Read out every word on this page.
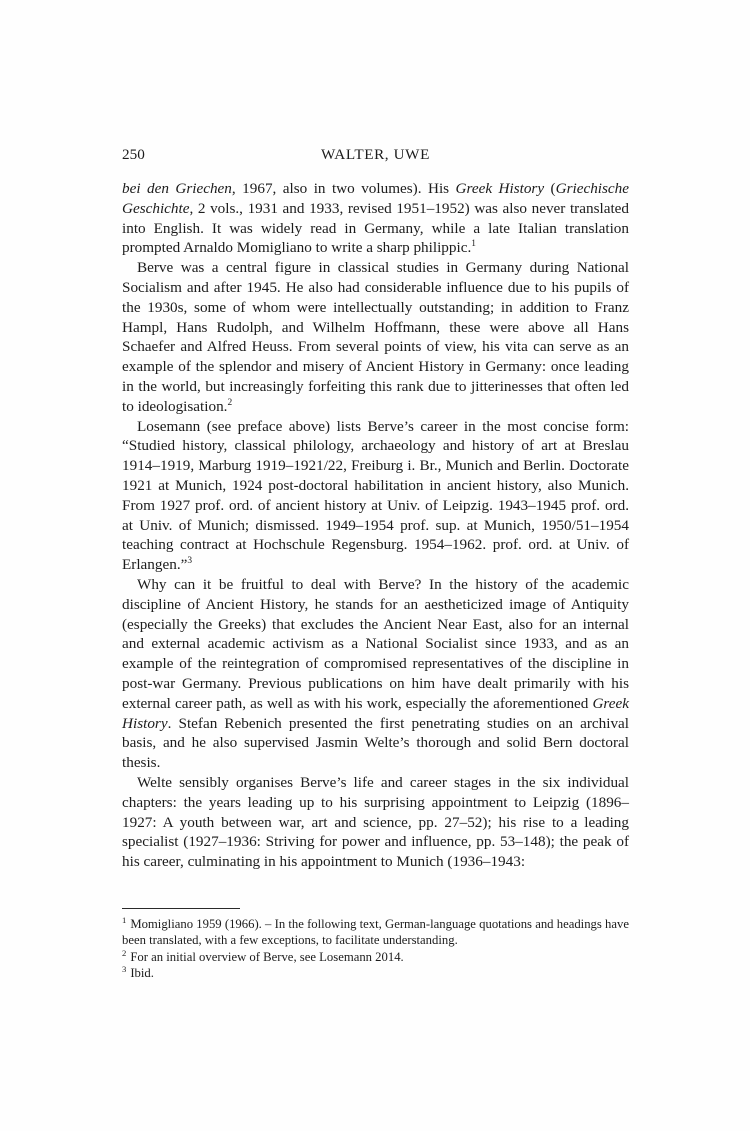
250	WALTER, UWE

bei den Griechen, 1967, also in two volumes). His Greek History (Griechische Geschichte, 2 vols., 1931 and 1933, revised 1951–1952) was also never translated into English. It was widely read in Germany, while a late Italian translation prompted Arnaldo Momigliano to write a sharp philippic.$^1$

Berve was a central figure in classical studies in Germany during National Socialism and after 1945. He also had considerable influence due to his pupils of the 1930s, some of whom were intellectually outstanding; in addition to Franz Hampl, Hans Rudolph, and Wilhelm Hoffmann, these were above all Hans Schaefer and Alfred Heuss. From several points of view, his vita can serve as an example of the splendor and misery of Ancient History in Germany: once leading in the world, but increasingly forfeiting this rank due to jitterinesses that often led to ideologisation.$^2$

Losemann (see preface above) lists Berve’s career in the most concise form: “Studied history, classical philology, archaeology and history of art at Breslau 1914–1919, Marburg 1919–1921/22, Freiburg i. Br., Munich and Berlin. Doctorate 1921 at Munich, 1924 post-doctoral habilitation in ancient history, also Munich. From 1927 prof. ord. of ancient history at Univ. of Leipzig. 1943–1945 prof. ord. at Univ. of Munich; dismissed. 1949–1954 prof. sup. at Munich, 1950/51–1954 teaching contract at Hochschule Regensburg. 1954–1962. prof. ord. at Univ. of Erlangen.”$^3$

Why can it be fruitful to deal with Berve? In the history of the academic discipline of Ancient History, he stands for an aestheticized image of Antiquity (especially the Greeks) that excludes the Ancient Near East, also for an internal and external academic activism as a National Socialist since 1933, and as an example of the reintegration of compromised representatives of the discipline in post-war Germany. Previous publications on him have dealt primarily with his external career path, as well as with his work, especially the aforementioned Greek History. Stefan Rebenich presented the first penetrating studies on an archival basis, and he also supervised Jasmin Welte’s thorough and solid Bern doctoral thesis.

Welte sensibly organises Berve’s life and career stages in the six individual chapters: the years leading up to his surprising appointment to Leipzig (1896–1927: A youth between war, art and science, pp. 27–52); his rise to a leading specialist (1927–1936: Striving for power and influence, pp. 53–148); the peak of his career, culminating in his appointment to Munich (1936–1943:

$^1$ Momigliano 1959 (1966). – In the following text, German-language quotations and headings have been translated, with a few exceptions, to facilitate understanding.

$^2$ For an initial overview of Berve, see Losemann 2014.

$^3$ Ibid.
